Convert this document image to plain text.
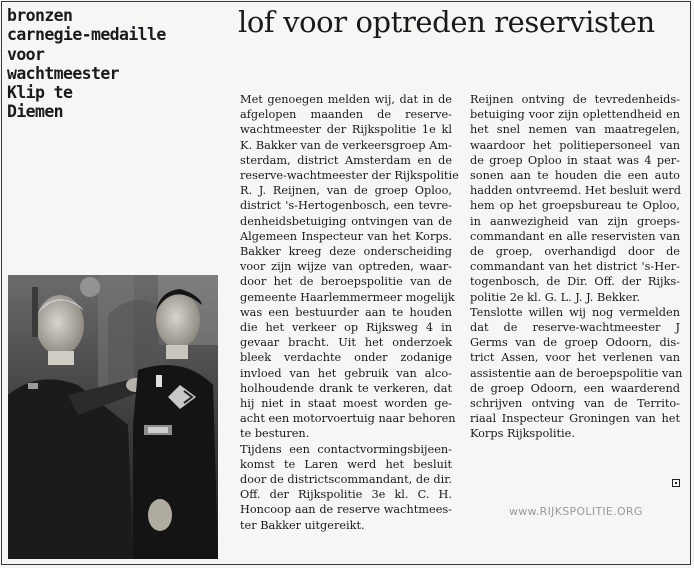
bronzen
carnegie-medaille
voor
wachtmeester
Klip te
Diemen
lof voor optreden reservisten

Met genoegen melden wij, dat in de
afgelopen maanden de reserve-
wachtmeester der Rijkspolitie 1e kl
K. Bakker van de verkeersgroep Am-
sterdam, district Amsterdam en de
reserve-wachtmeester der Rijkspolitie
R. J. Reijnen, van de groep Oploo,
district 's-Hertogenbosch, een tevre-
denheidsbetuiging ontvingen van de
Algemeen Inspecteur van het Korps.
Bakker kreeg deze onderscheiding
voor zijn wijze van optreden, waar-
door het de beroepspolitie van de
gemeente Haarlemmermeer mogelijk
was een bestuurder aan te houden
die het verkeer op Rijksweg 4 in
gevaar bracht. Uit het onderzoek
bleek verdachte onder zodanige
invloed van het gebruik van alco-
holhoudende drank te verkeren, dat
hij niet in staat moest worden ge-
acht een motorvoertuig naar behoren
te besturen.

Tijdens een contactvormingsbijeen-
komst te Laren werd het besluit
door de districtscommandant, de dir.
Off. der Rijkspolitie 3e kl. C. H.
Honcoop aan de reserve wachtmees-
ter Bakker uitgereikt.

Reijnen ontving de tevredenheids-
betuiging voor zijn oplettendheid en
het snel nemen van maatregelen,
waardoor het politiepersoneel van
de groep Oploo in staat was 4 per-
sonen aan te houden die een auto
hadden ontvreemd. Het besluit werd
hem op het groepsbureau te Oploo,
in aanwezigheid van zijn groeps-
commandant en alle reservisten van
de groep, overhandigd door de
commandant van het district 's-Her-
togenbosch, de Dir. Off. der Rijks-
politie 2e kl. G. L. J. J. Bekker.

Tenslotte willen wij nog vermelden
dat de reserve-wachtmeester J
Germs van de groep Odoorn, dis-
trict Assen, voor het verlenen van
assistentie aan de beroepspolitie van
de groep Odoorn, een waarderend
schrijven ontving van de Territo-
riaal Inspecteur Groningen van het
Korps Rijkspolitie.

www.RIJKSPOLITIE.ORG
